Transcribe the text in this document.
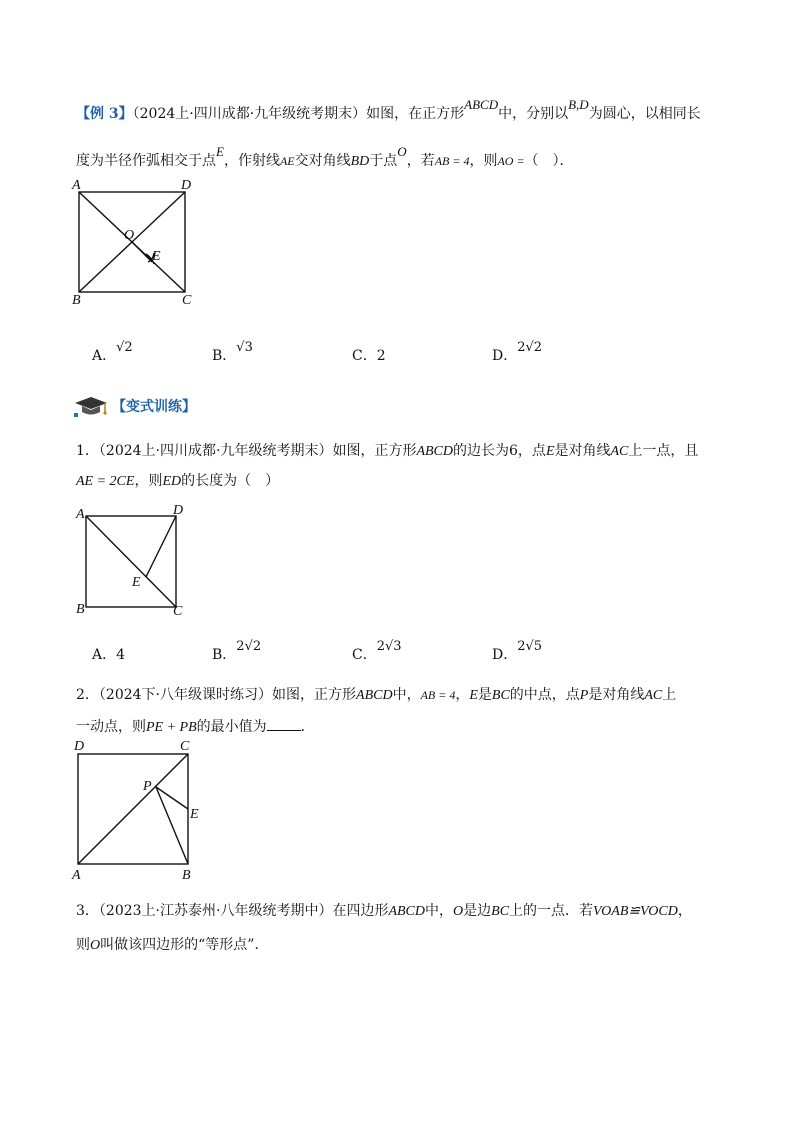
【例 3】（2024上·四川成都·九年级统考期末）如图，在正方形ABCD中，分别以B,D为圆心，以相同长
度为半径作弧相交于点E，作射线AE交对角线BD于点O，若AB = 4，则AO =（　）．
A	D
O
E
B	C
A．√2
B．√3
C．2	D．2√2
【变式训练】
1．（2024上·四川成都·九年级统考期末）如图，正方形ABCD的边长为6，点E是对角线AC上一点，且
AE = 2CE，则ED的长度为（　）
A	D
E
B	C
A．4	B．2√2
C．2√3
D．2√5
2．（2024下·八年级课时练习）如图，正方形ABCD中，AB = 4，E是BC的中点，点P是对角线AC上
一动点，则PE + PB的最小值为 ．
D	C
P
E
A	B
3．（2023上·江苏泰州·八年级统考期中）在四边形ABCD中，O是边BC上的一点．若VOAB≌VOCD，
则O叫做该四边形的“等形点”．
